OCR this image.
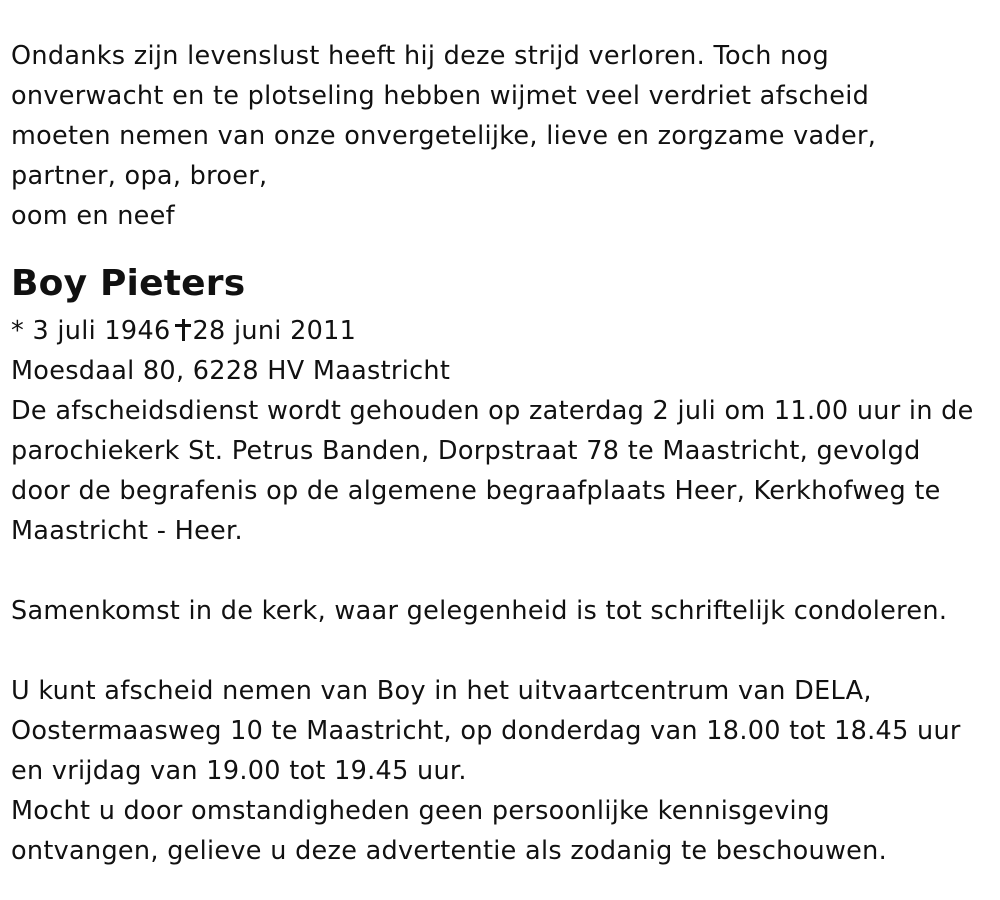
Ondanks zijn levenslust heeft hij deze strijd verloren. Toch nog
onverwacht en te plotseling hebben wijmet veel verdriet afscheid
moeten nemen van onze onvergetelijke, lieve en zorgzame vader,
partner, opa, broer,
oom en neef
Boy Pieters
* 3 juli 1946 28 juni 2011
Moesdaal 80, 6228 HV Maastricht
De afscheidsdienst wordt gehouden op zaterdag 2 juli om 11.00 uur in de
parochiekerk St. Petrus Banden, Dorpstraat 78 te Maastricht, gevolgd
door de begrafenis op de algemene begraafplaats Heer, Kerkhofweg te
Maastricht - Heer.
Samenkomst in de kerk, waar gelegenheid is tot schriftelijk condoleren.
U kunt afscheid nemen van Boy in het uitvaartcentrum van DELA,
Oostermaasweg 10 te Maastricht, op donderdag van 18.00 tot 18.45 uur
en vrijdag van 19.00 tot 19.45 uur.
Mocht u door omstandigheden geen persoonlijke kennisgeving
ontvangen, gelieve u deze advertentie als zodanig te beschouwen.
